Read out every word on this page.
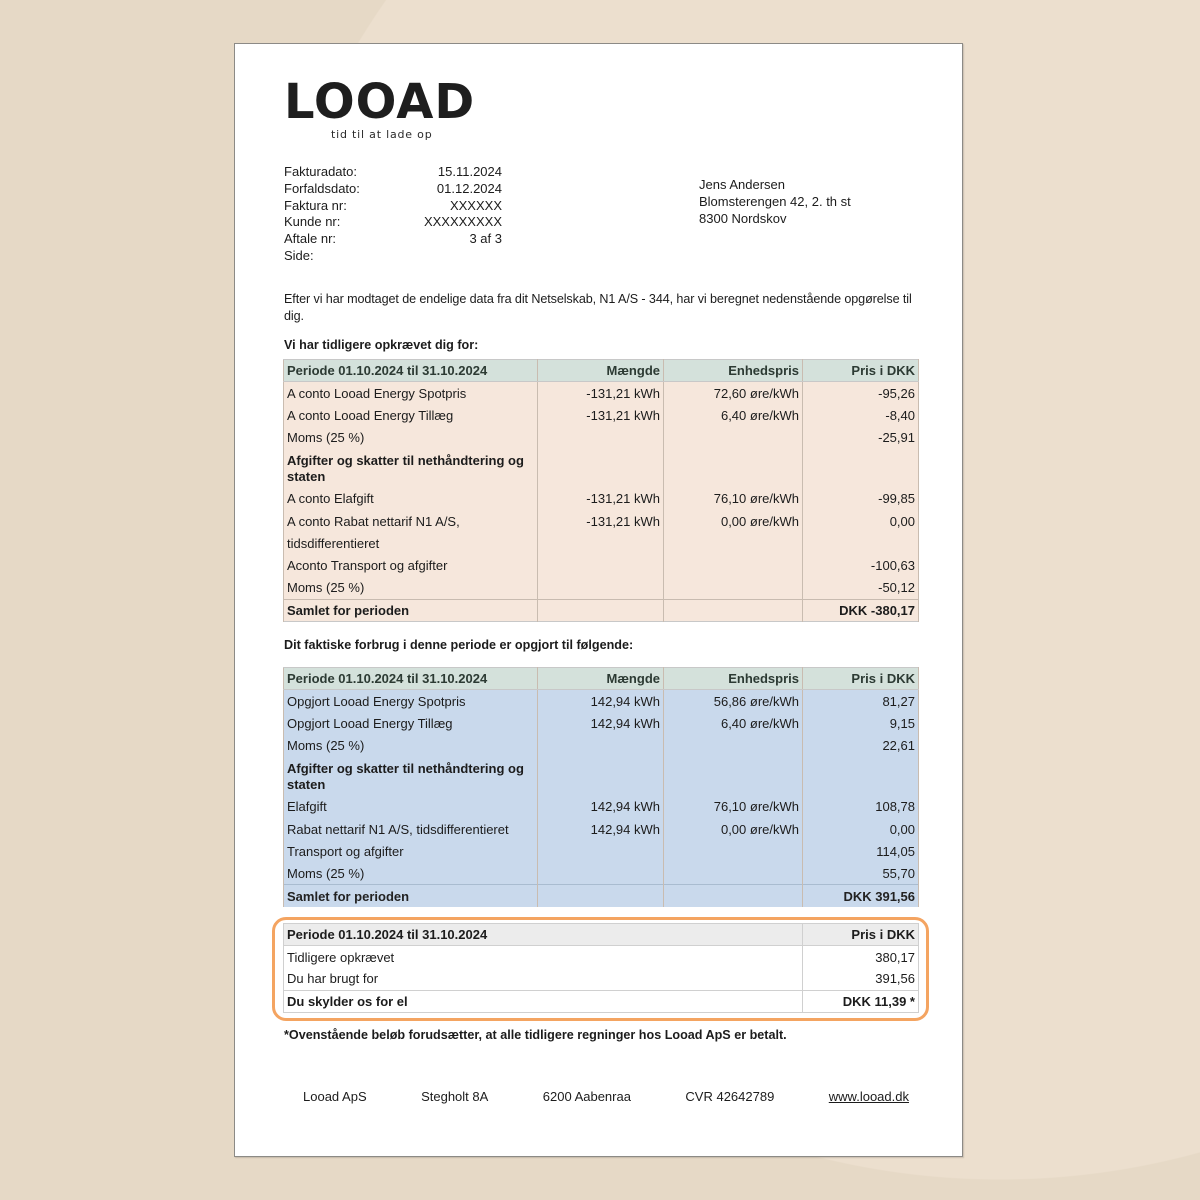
LOOAD
tid til at lade op
Fakturadato:	15.11.2024
Forfaldsdato:	01.12.2024
Faktura nr:	XXXXXX
Kunde nr:	XXXXXXXXX
Aftale nr:	3 af 3
Side:
Jens Andersen
Blomsterengen 42, 2. th st
8300 Nordskov

Efter vi har modtaget de endelige data fra dit Netselskab, N1 A/S - 344, har vi beregnet nedenstående opgørelse til dig.

Vi har tidligere opkrævet dig for:
Periode 01.10.2024 til 31.10.2024	Mængde	Enhedspris	Pris i DKK
A conto Looad Energy Spotpris	-131,21 kWh	72,60 øre/kWh	-95,26
A conto Looad Energy Tillæg	-131,21 kWh	6,40 øre/kWh	-8,40
Moms (25 %)			-25,91
Afgifter og skatter til nethåndtering og staten			
A conto Elafgift	-131,21 kWh	76,10 øre/kWh	-99,85
A conto Rabat nettarif N1 A/S,	-131,21 kWh	0,00 øre/kWh	0,00
tidsdifferentieret			
Aconto Transport og afgifter			-100,63
Moms (25 %)			-50,12
Samlet for perioden			DKK -380,17
Dit faktiske forbrug i denne periode er opgjort til følgende:
Periode 01.10.2024 til 31.10.2024	Mængde	Enhedspris	Pris i DKK
Opgjort Looad Energy Spotpris	142,94 kWh	56,86 øre/kWh	81,27
Opgjort Looad Energy Tillæg	142,94 kWh	6,40 øre/kWh	9,15
Moms (25 %)			22,61
Afgifter og skatter til nethåndtering og staten			
Elafgift	142,94 kWh	76,10 øre/kWh	108,78
Rabat nettarif N1 A/S, tidsdifferentieret	142,94 kWh	0,00 øre/kWh	0,00
Transport og afgifter			114,05
Moms (25 %)			55,70
Samlet for perioden			DKK 391,56
Periode 01.10.2024 til 31.10.2024	Pris i DKK
Tidligere opkrævet	380,17
Du har brugt for	391,56
Du skylder os for el	DKK 11,39 *
*Ovenstående beløb forudsætter, at alle tidligere regninger hos Looad ApS er betalt.
Looad ApS	Stegholt 8A	6200 Aabenraa	CVR 42642789	www.looad.dk
